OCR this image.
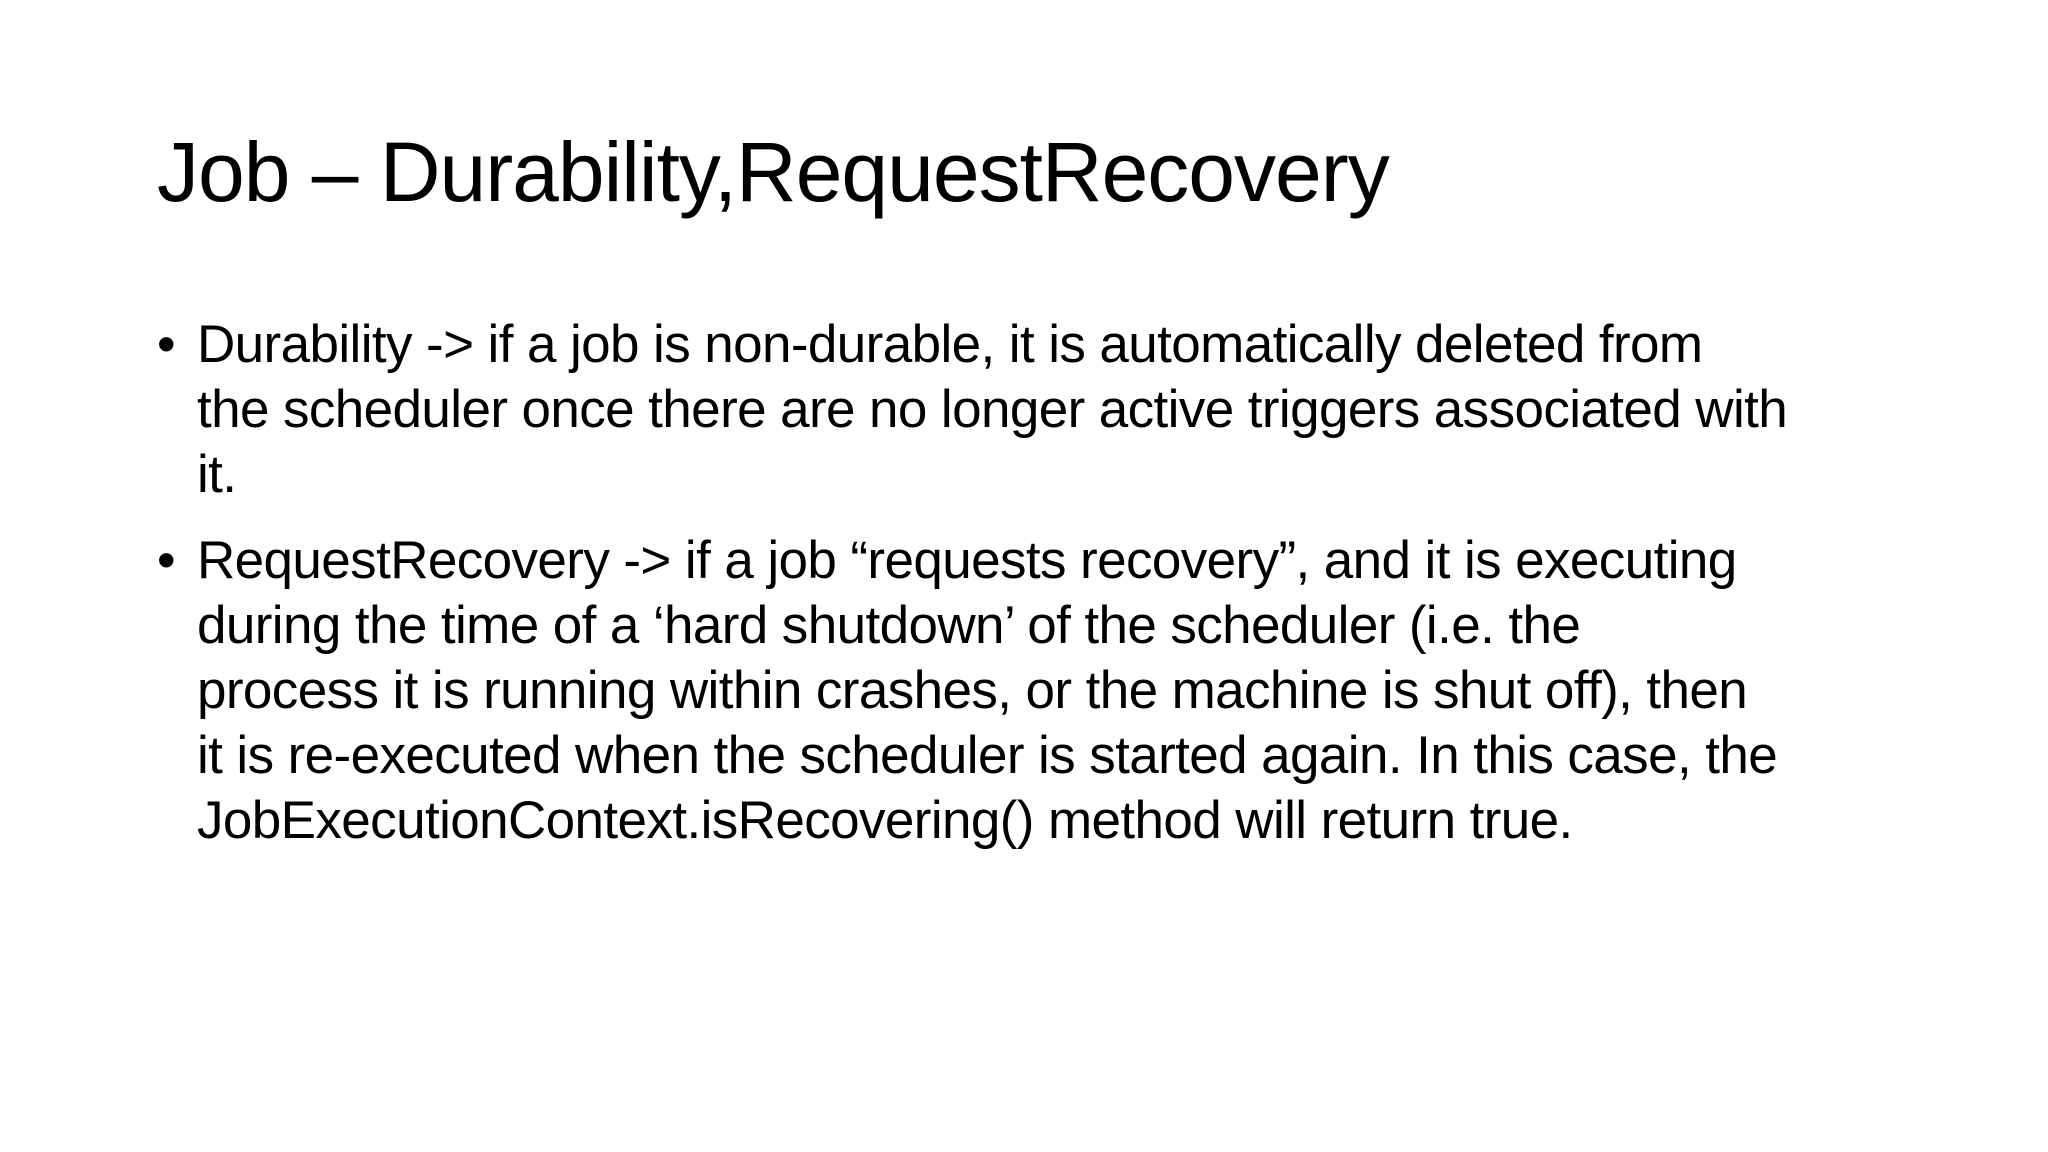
Job – Durability,RequestRecovery
• Durability -> if a job is non-durable, it is automatically deleted from
the scheduler once there are no longer active triggers associated with
it.
• RequestRecovery -> if a job “requests recovery”, and it is executing
during the time of a ‘hard shutdown’ of the scheduler (i.e. the
process it is running within crashes, or the machine is shut off), then
it is re-executed when the scheduler is started again. In this case, the
JobExecutionContext.isRecovering() method will return true.
